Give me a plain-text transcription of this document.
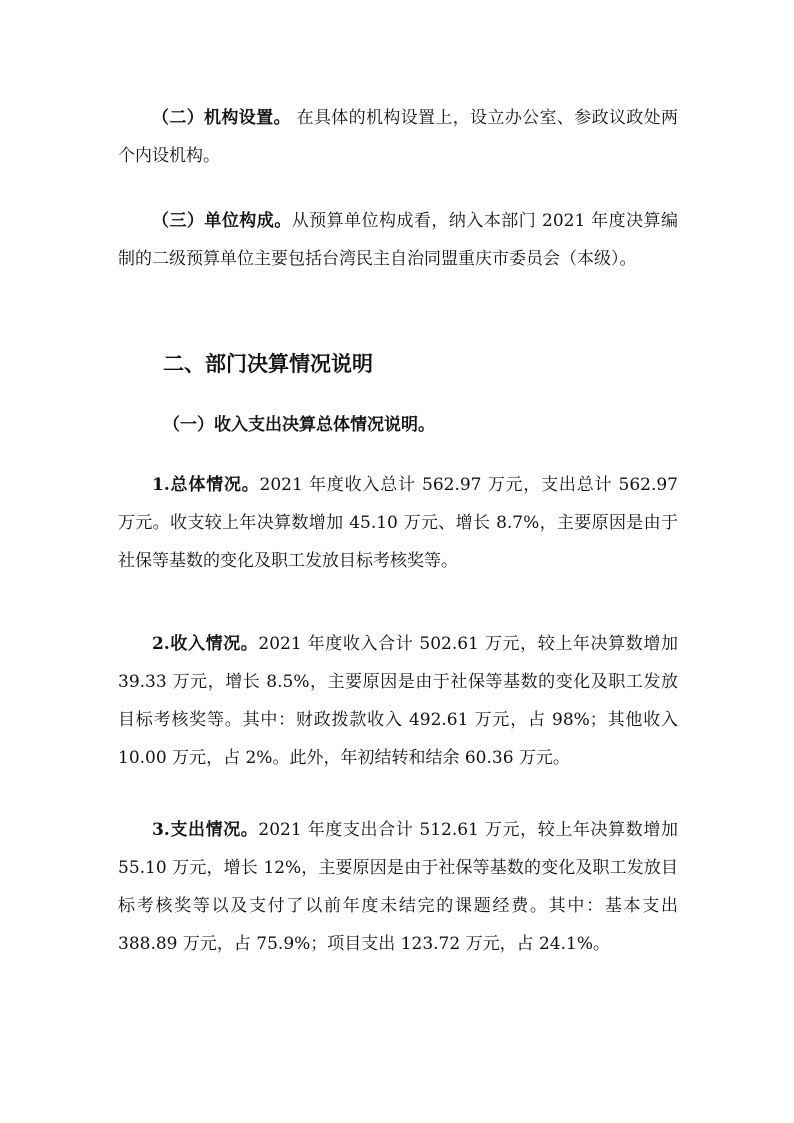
（二）机构设置。 在具体的机构设置上，设立办公室、参政议政处两个内设机构。

（三）单位构成。从预算单位构成看，纳入本部门 2021 年度决算编制的二级预算单位主要包括台湾民主自治同盟重庆市委员会（本级）。

二、部门决算情况说明
（一）收入支出决算总体情况说明。

1.总体情况。2021 年度收入总计 562.97 万元，支出总计 562.97 万元。收支较上年决算数增加 45.10 万元、增长 8.7%，主要原因是由于社保等基数的变化及职工发放目标考核奖等。

2.收入情况。2021 年度收入合计 502.61 万元，较上年决算数增加 39.33 万元，增长 8.5%，主要原因是由于社保等基数的变化及职工发放目标考核奖等。其中：财政拨款收入 492.61 万元，占 98%；其他收入 10.00 万元，占 2%。此外，年初结转和结余 60.36 万元。

3.支出情况。2021 年度支出合计 512.61 万元，较上年决算数增加 55.10 万元，增长 12%，主要原因是由于社保等基数的变化及职工发放目标考核奖等以及支付了以前年度未结完的课题经费。其中：基本支出 388.89 万元，占 75.9%；项目支出 123.72 万元，占 24.1%。
